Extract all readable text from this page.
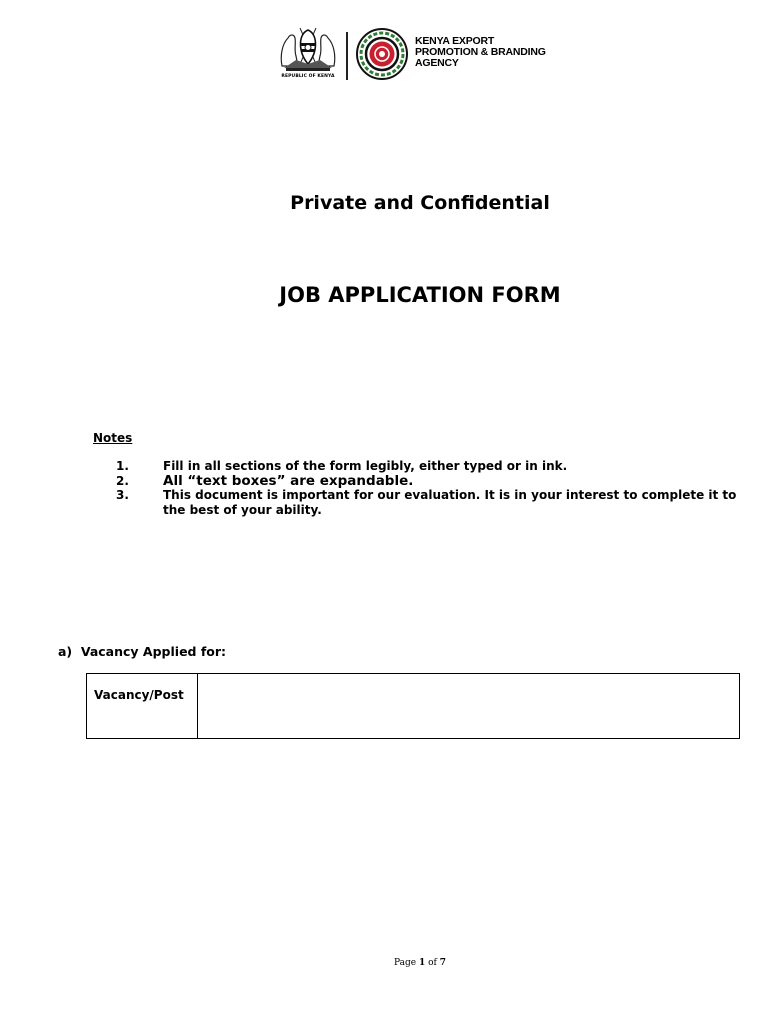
REPUBLIC OF KENYA
KENYA EXPORT
PROMOTION & BRANDING
AGENCY
Private and Confidential
JOB APPLICATION FORM
Notes
1.	Fill in all sections of the form legibly, either typed or in ink.
2.	All “text boxes” are expandable.
3.	This document is important for our evaluation. It is in your interest to complete it to the best of your ability.
a)  Vacancy Applied for:
Vacancy/Post
Page 1 of 7
